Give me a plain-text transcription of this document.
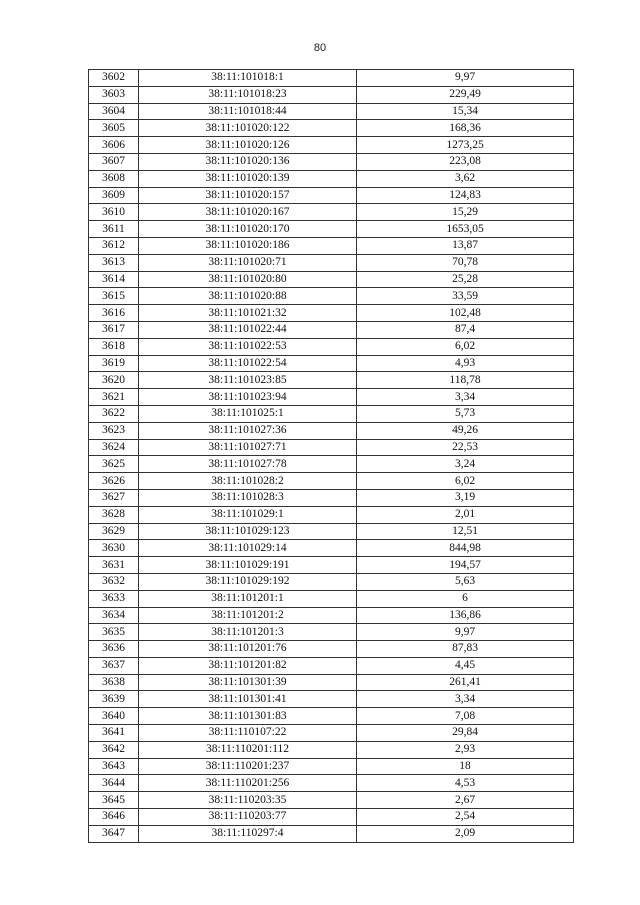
80
3602	38:11:101018:1	9,97
3603	38:11:101018:23	229,49
3604	38:11:101018:44	15,34
3605	38:11:101020:122	168,36
3606	38:11:101020:126	1273,25
3607	38:11:101020:136	223,08
3608	38:11:101020:139	3,62
3609	38:11:101020:157	124,83
3610	38:11:101020:167	15,29
3611	38:11:101020:170	1653,05
3612	38:11:101020:186	13,87
3613	38:11:101020:71	70,78
3614	38:11:101020:80	25,28
3615	38:11:101020:88	33,59
3616	38:11:101021:32	102,48
3617	38:11:101022:44	87,4
3618	38:11:101022:53	6,02
3619	38:11:101022:54	4,93
3620	38:11:101023:85	118,78
3621	38:11:101023:94	3,34
3622	38:11:101025:1	5,73
3623	38:11:101027:36	49,26
3624	38:11:101027:71	22,53
3625	38:11:101027:78	3,24
3626	38:11:101028:2	6,02
3627	38:11:101028:3	3,19
3628	38:11:101029:1	2,01
3629	38:11:101029:123	12,51
3630	38:11:101029:14	844,98
3631	38:11:101029:191	194,57
3632	38:11:101029:192	5,63
3633	38:11:101201:1	6
3634	38:11:101201:2	136,86
3635	38:11:101201:3	9,97
3636	38:11:101201:76	87,83
3637	38:11:101201:82	4,45
3638	38:11:101301:39	261,41
3639	38:11:101301:41	3,34
3640	38:11:101301:83	7,08
3641	38:11:110107:22	29,84
3642	38:11:110201:112	2,93
3643	38:11:110201:237	18
3644	38:11:110201:256	4,53
3645	38:11:110203:35	2,67
3646	38:11:110203:77	2,54
3647	38:11:110297:4	2,09
